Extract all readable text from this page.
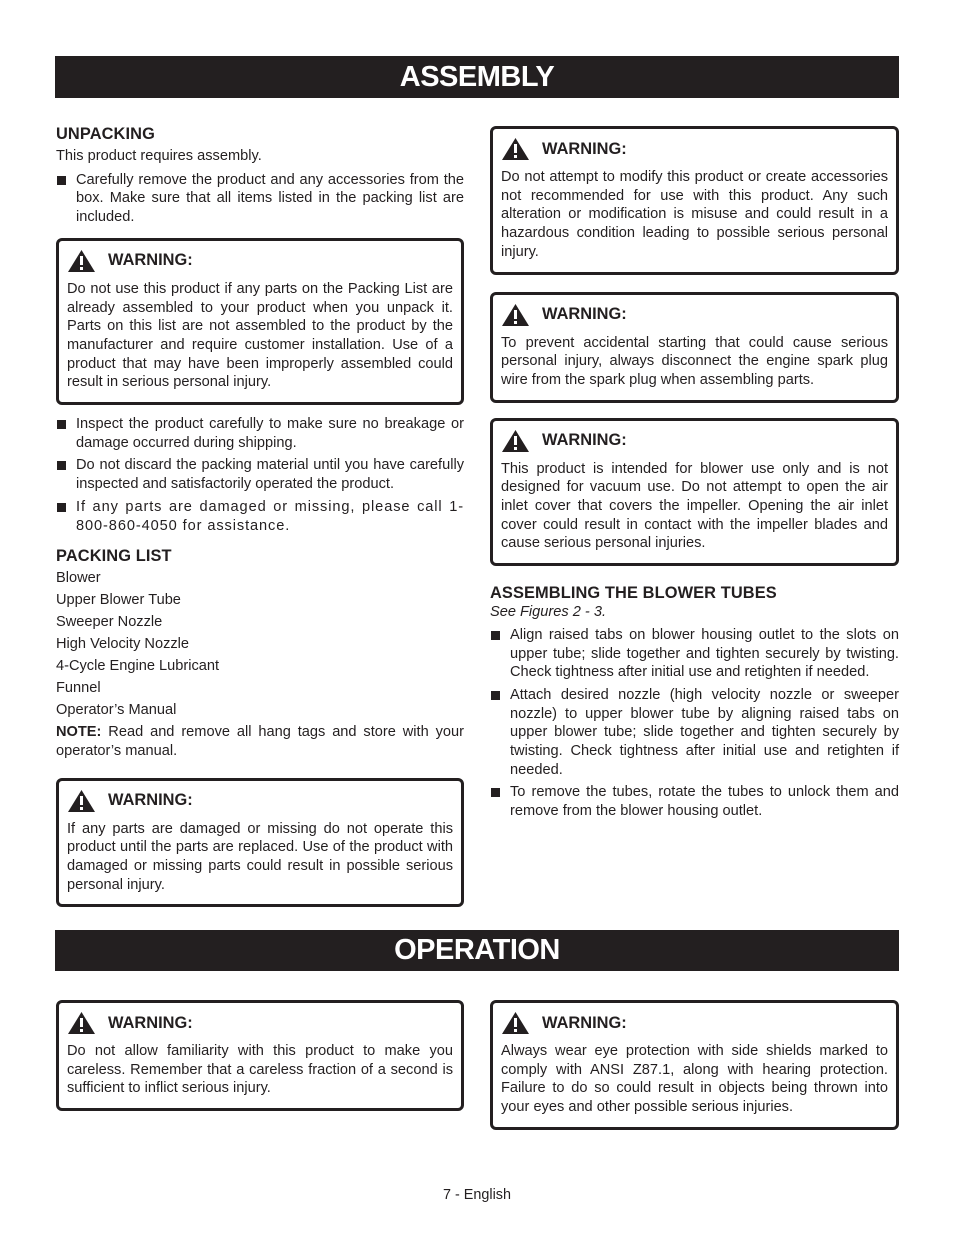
ASSEMBLY
UNPACKING

This product requires assembly.

Carefully remove the product and any accessories from the box. Make sure that all items listed in the packing list are included.
WARNING:

Do not use this product if any parts on the Packing List are already assembled to your product when you unpack it. Parts on this list are not assembled to the product by the manufacturer and require customer installation. Use of a product that may have been improperly assembled could result in serious personal injury.

Inspect the product carefully to make sure no breakage or damage occurred during shipping.
Do not discard the packing material until you have carefully inspected and satisfactorily operated the product.
If any parts are damaged or missing, please call 1-800-860-4050 for assistance.
PACKING LIST
Blower
Upper Blower Tube
Sweeper Nozzle
High Velocity Nozzle
4-Cycle Engine Lubricant
Funnel
Operator’s Manual

NOTE: Read and remove all hang tags and store with your operator’s manual.

WARNING:

If any parts are damaged or missing do not operate this product until the parts are replaced. Use of the product with damaged or missing parts could result in possible serious personal injury.

WARNING:

Do not attempt to modify this product or create accessories not recommended for use with this product. Any such alteration or modification is misuse and could result in a hazardous condition leading to possible serious personal injury.

WARNING:

To prevent accidental starting that could cause serious personal injury, always disconnect the engine spark plug wire from the spark plug when assembling parts.

WARNING:

This product is intended for blower use only and is not designed for vacuum use. Do not attempt to open the air inlet cover that covers the impeller. Opening the air inlet cover could result in contact with the impeller blades and cause serious personal injuries.

ASSEMBLING THE BLOWER TUBES

See Figures 2 - 3.

Align raised tabs on blower housing outlet to the slots on upper tube; slide together and tighten securely by twisting. Check tightness after initial use and retighten if needed.
Attach desired nozzle (high velocity nozzle or sweeper nozzle) to upper blower tube by aligning raised tabs on upper blower tube; slide together and tighten securely by twisting. Check tightness after initial use and retighten if needed.
To remove the tubes, rotate the tubes to unlock them and remove from the blower housing outlet.
OPERATION
WARNING:

Do not allow familiarity with this product to make you careless. Remember that a careless fraction of a second is sufficient to inflict serious injury.

WARNING:

Always wear eye protection with side shields marked to comply with ANSI Z87.1, along with hearing protection. Failure to do so could result in objects being thrown into your eyes and other possible serious injuries.

7 - English
